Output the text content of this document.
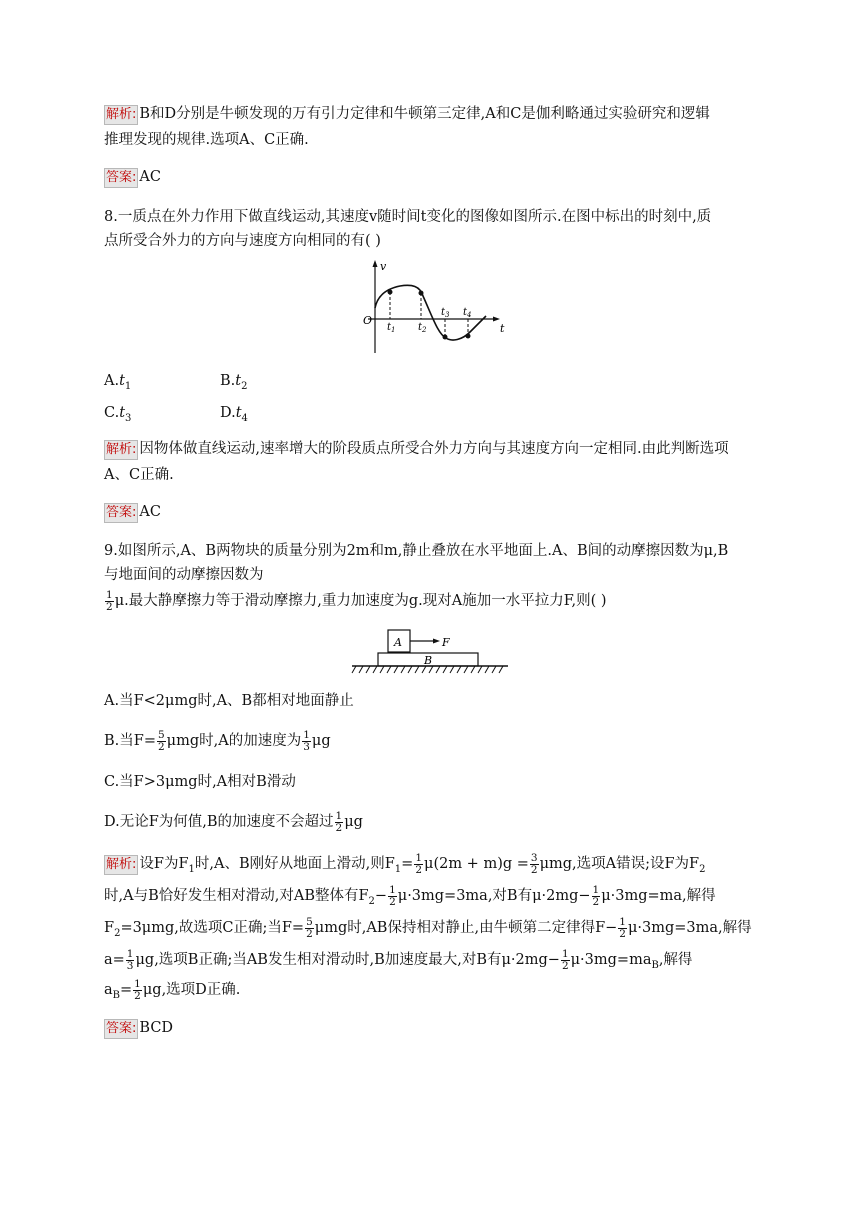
解析: B和D分别是牛顿发现的万有引力定律和牛顿第三定律,A和C是伽利略通过实验研究和逻辑
推理发现的规律.选项A、C正确.
答案: AC
8.一质点在外力作用下做直线运动,其速度v随时间t变化的图像如图所示.在图中标出的时刻中,质
点所受合外力的方向与速度方向相同的有( )
v
t
O
$t_1$ $t_2$
$t_3$ $t_4$
$A.t_1$	$B.t_2$
$C.t_3$	$D.t_4$
解析: 因物体做直线运动,速率增大的阶段质点所受合外力方向与其速度方向一定相同.由此判断选项
A、C正确.
答案: AC
9.如图所示,A、B两物块的质量分别为2m和m,静止叠放在水平地面上.A、B间的动摩擦因数为μ,B
与地面间的动摩擦因数为
$\frac{1}{2} \mu$.最大静摩擦力等于滑动摩擦力,重力加速度为g.现对A施加一水平拉力F,则( )
A
B
F
A.当F<2μmg时,A、B都相对地面静止
B.当$F= \frac{5}{2}$ μmg时,A的加速度为 $\frac{1}{3}$ μg
C.当F>3μmg时,A相对B滑动
D.无论F为何值,B的加速度不会超过 $\frac{1}{2}$ μg
解析: 设F为$F_1$时,A、B刚好从地面上滑动,则$F_1= \frac{1}{2} \mu(2m + m)g = \frac{3}{2} \mu mg$,选项A错误;设F为$F_2$
时,A与B恰好发生相对滑动,对AB整体有$F_2- \frac{1}{2} \mu\cdot 3mg=3ma$,对B有$\mu\cdot 2mg- \frac{1}{2} \mu\cdot 3mg=ma$,解得
$F_2=3\mu mg$,故选项C正确;当$F= \frac{5}{2}$ μmg时,AB保持相对静止,由牛顿第二定律得$F- \frac{1}{2} \mu\cdot 3mg=3ma$,解得
$a= \frac{1}{3} \mu g$,选项B正确;当AB发生相对滑动时,B加速度最大,对B有$\mu\cdot 2mg- \frac{1}{2} \mu\cdot 3mg=ma_B$,解得
$a_B= \frac{1}{2} \mu g$,选项D正确.
答案: BCD
